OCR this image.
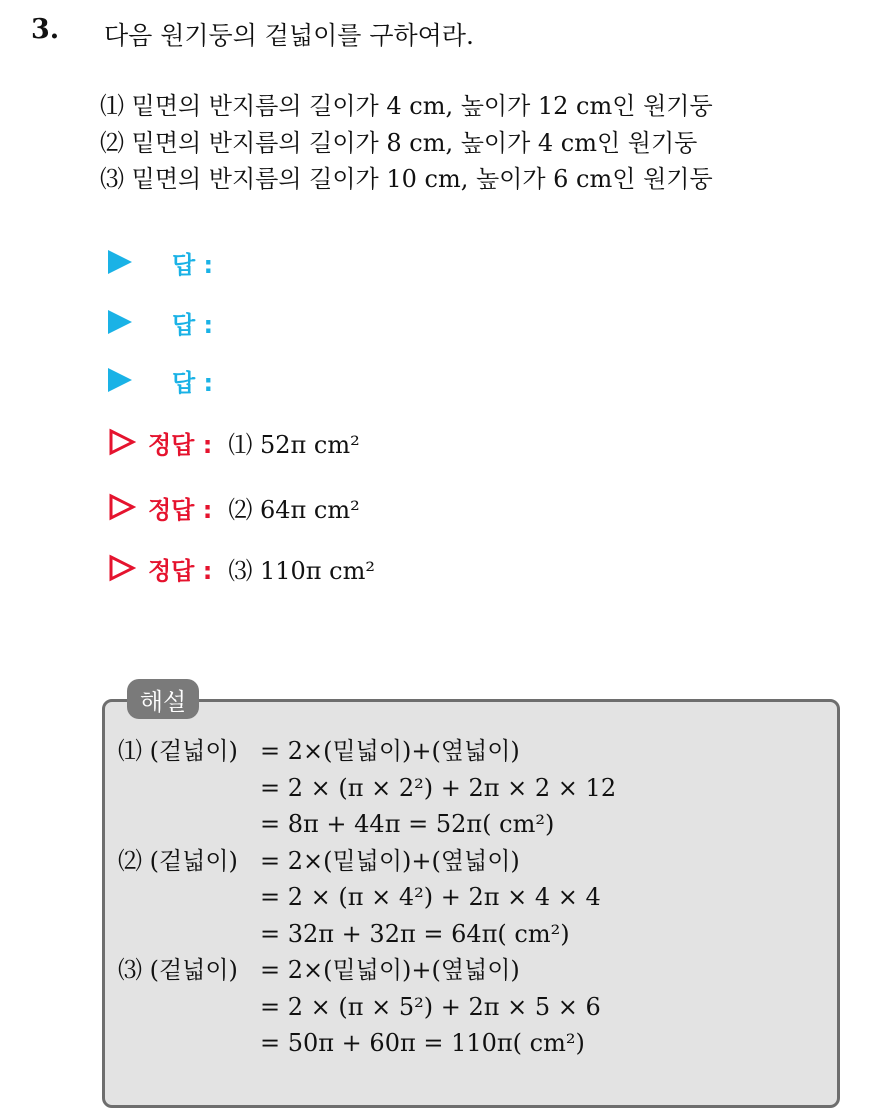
3. 다음 원기둥의 겉넓이를 구하여라.
⑴ 밑면의 반지름의 길이가 4 cm, 높이가 12 cm인 원기둥
⑵ 밑면의 반지름의 길이가 8 cm, 높이가 4 cm인 원기둥
⑶ 밑면의 반지름의 길이가 10 cm, 높이가 6 cm인 원기둥
답 :
답 :
답 :
정답 : ⑴ 52π cm²
정답 : ⑵ 64π cm²
정답 : ⑶ 110π cm²
해설
⑴ (겉넓이) = 2×(밑넓이)+(옆넓이)
= 2 × (π × 2²) + 2π × 2 × 12
= 8π + 44π = 52π( cm²)
⑵ (겉넓이) = 2×(밑넓이)+(옆넓이)
= 2 × (π × 4²) + 2π × 4 × 4
= 32π + 32π = 64π( cm²)
⑶ (겉넓이) = 2×(밑넓이)+(옆넓이)
= 2 × (π × 5²) + 2π × 5 × 6
= 50π + 60π = 110π( cm²)
